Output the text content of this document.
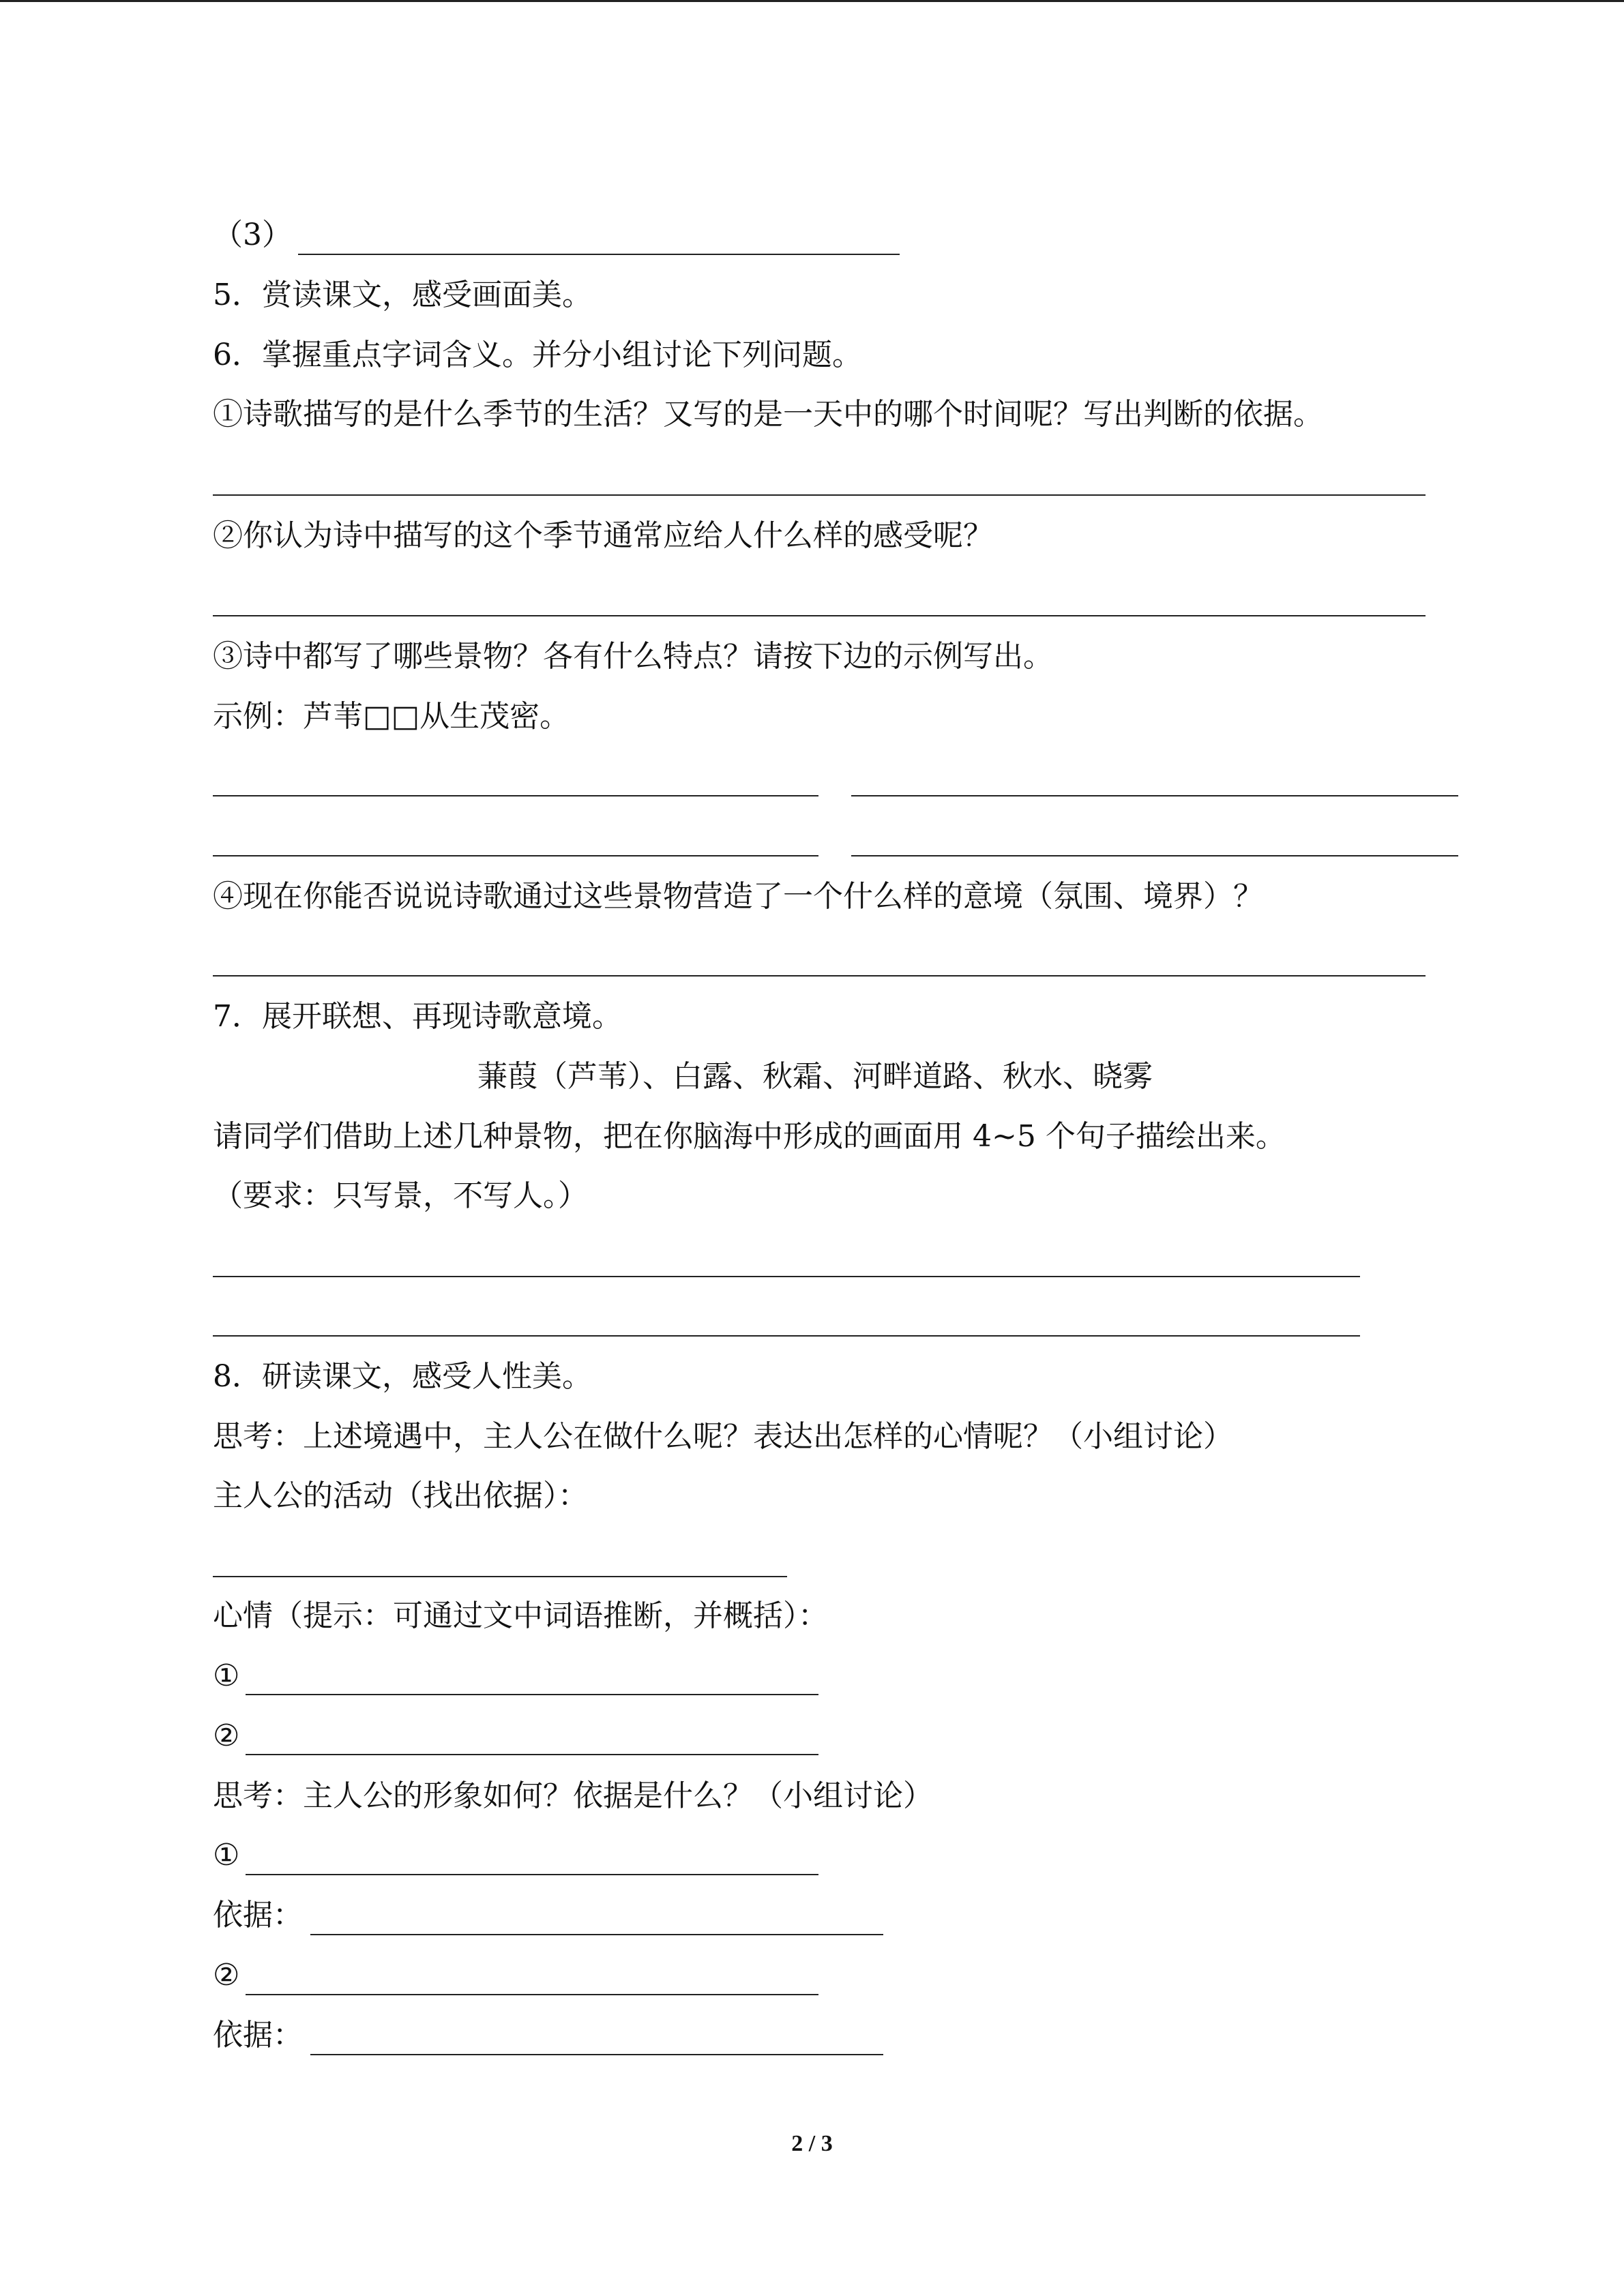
（3）
5．赏读课文，感受画面美。
6．掌握重点字词含义。并分小组讨论下列问题。
①诗歌描写的是什么季节的生活？又写的是一天中的哪个时间呢？写出判断的依据。
②你认为诗中描写的这个季节通常应给人什么样的感受呢？
③诗中都写了哪些景物？各有什么特点？请按下边的示例写出。
示例：芦苇□□从生茂密。
④现在你能否说说诗歌通过这些景物营造了一个什么样的意境（氛围、境界）？
7．展开联想、再现诗歌意境。
蒹葭（芦苇）、白露、秋霜、河畔道路、秋水、晓雾
请同学们借助上述几种景物，把在你脑海中形成的画面用 4~5 个句子描绘出来。
（要求：只写景，不写人。）
8．研读课文，感受人性美。
思考：上述境遇中，主人公在做什么呢？表达出怎样的心情呢？（小组讨论）
主人公的活动（找出依据）：
心情（提示：可通过文中词语推断，并概括）：
①
②
思考：主人公的形象如何？依据是什么？（小组讨论）
①
依据：
②
依据：
2 / 3
